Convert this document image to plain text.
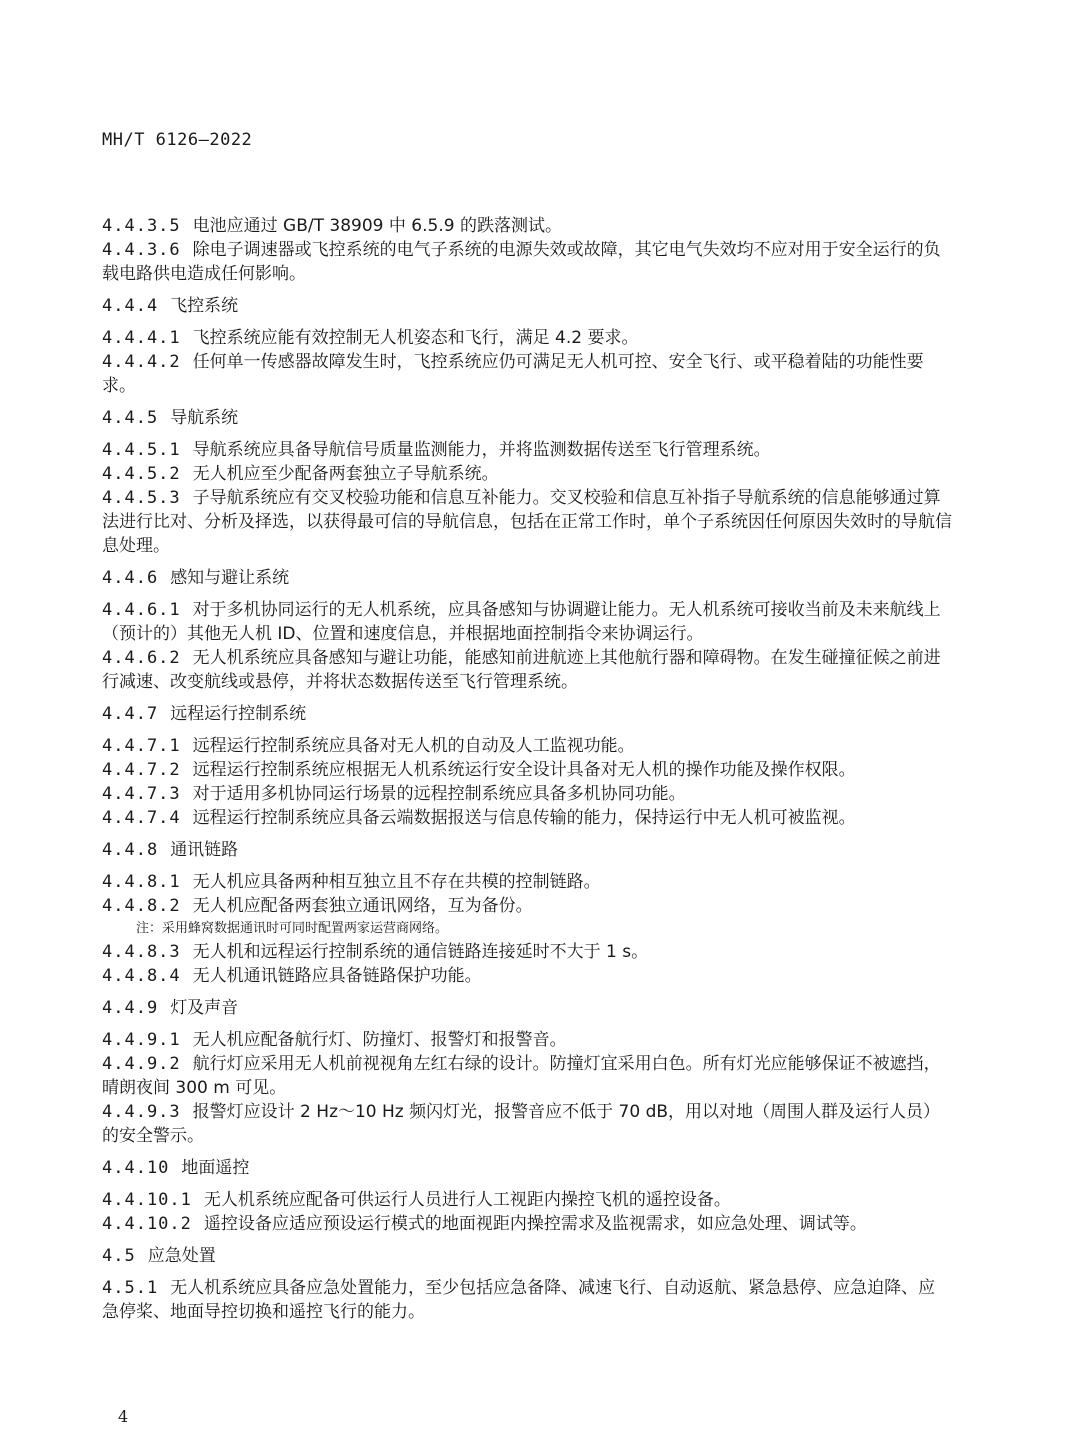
MH/T 6126—2022

4.4.3.5 电池应通过 GB/T 38909 中 6.5.9 的跌落测试。

4.4.3.6 除电子调速器或飞控系统的电气子系统的电源失效或故障，其它电气失效均不应对用于安全运行的负载电路供电造成任何影响。

4.4.4 飞控系统

4.4.4.1 飞控系统应能有效控制无人机姿态和飞行，满足 4.2 要求。

4.4.4.2 任何单一传感器故障发生时，飞控系统应仍可满足无人机可控、安全飞行、或平稳着陆的功能性要求。

4.4.5 导航系统

4.4.5.1 导航系统应具备导航信号质量监测能力，并将监测数据传送至飞行管理系统。

4.4.5.2 无人机应至少配备两套独立子导航系统。

4.4.5.3 子导航系统应有交叉校验功能和信息互补能力。交叉校验和信息互补指子导航系统的信息能够通过算法进行比对、分析及择选，以获得最可信的导航信息，包括在正常工作时，单个子系统因任何原因失效时的导航信息处理。

4.4.6 感知与避让系统

4.4.6.1 对于多机协同运行的无人机系统，应具备感知与协调避让能力。无人机系统可接收当前及未来航线上（预计的）其他无人机 ID、位置和速度信息，并根据地面控制指令来协调运行。

4.4.6.2 无人机系统应具备感知与避让功能，能感知前进航迹上其他航行器和障碍物。在发生碰撞征候之前进行减速、改变航线或悬停，并将状态数据传送至飞行管理系统。

4.4.7 远程运行控制系统

4.4.7.1 远程运行控制系统应具备对无人机的自动及人工监视功能。

4.4.7.2 远程运行控制系统应根据无人机系统运行安全设计具备对无人机的操作功能及操作权限。

4.4.7.3 对于适用多机协同运行场景的远程控制系统应具备多机协同功能。

4.4.7.4 远程运行控制系统应具备云端数据报送与信息传输的能力，保持运行中无人机可被监视。

4.4.8 通讯链路

4.4.8.1 无人机应具备两种相互独立且不存在共模的控制链路。

4.4.8.2 无人机应配备两套独立通讯网络，互为备份。

注：采用蜂窝数据通讯时可同时配置两家运营商网络。

4.4.8.3 无人机和远程运行控制系统的通信链路连接延时不大于 1 s。

4.4.8.4 无人机通讯链路应具备链路保护功能。

4.4.9 灯及声音

4.4.9.1 无人机应配备航行灯、防撞灯、报警灯和报警音。

4.4.9.2 航行灯应采用无人机前视视角左红右绿的设计。防撞灯宜采用白色。所有灯光应能够保证不被遮挡，晴朗夜间 300 m 可见。

4.4.9.3 报警灯应设计 2 Hz～10 Hz 频闪灯光，报警音应不低于 70 dB，用以对地（周围人群及运行人员）的安全警示。

4.4.10 地面遥控

4.4.10.1 无人机系统应配备可供运行人员进行人工视距内操控飞机的遥控设备。

4.4.10.2 遥控设备应适应预设运行模式的地面视距内操控需求及监视需求，如应急处理、调试等。

4.5 应急处置

4.5.1 无人机系统应具备应急处置能力，至少包括应急备降、减速飞行、自动返航、紧急悬停、应急迫降、应急停桨、地面导控切换和遥控飞行的能力。

4
